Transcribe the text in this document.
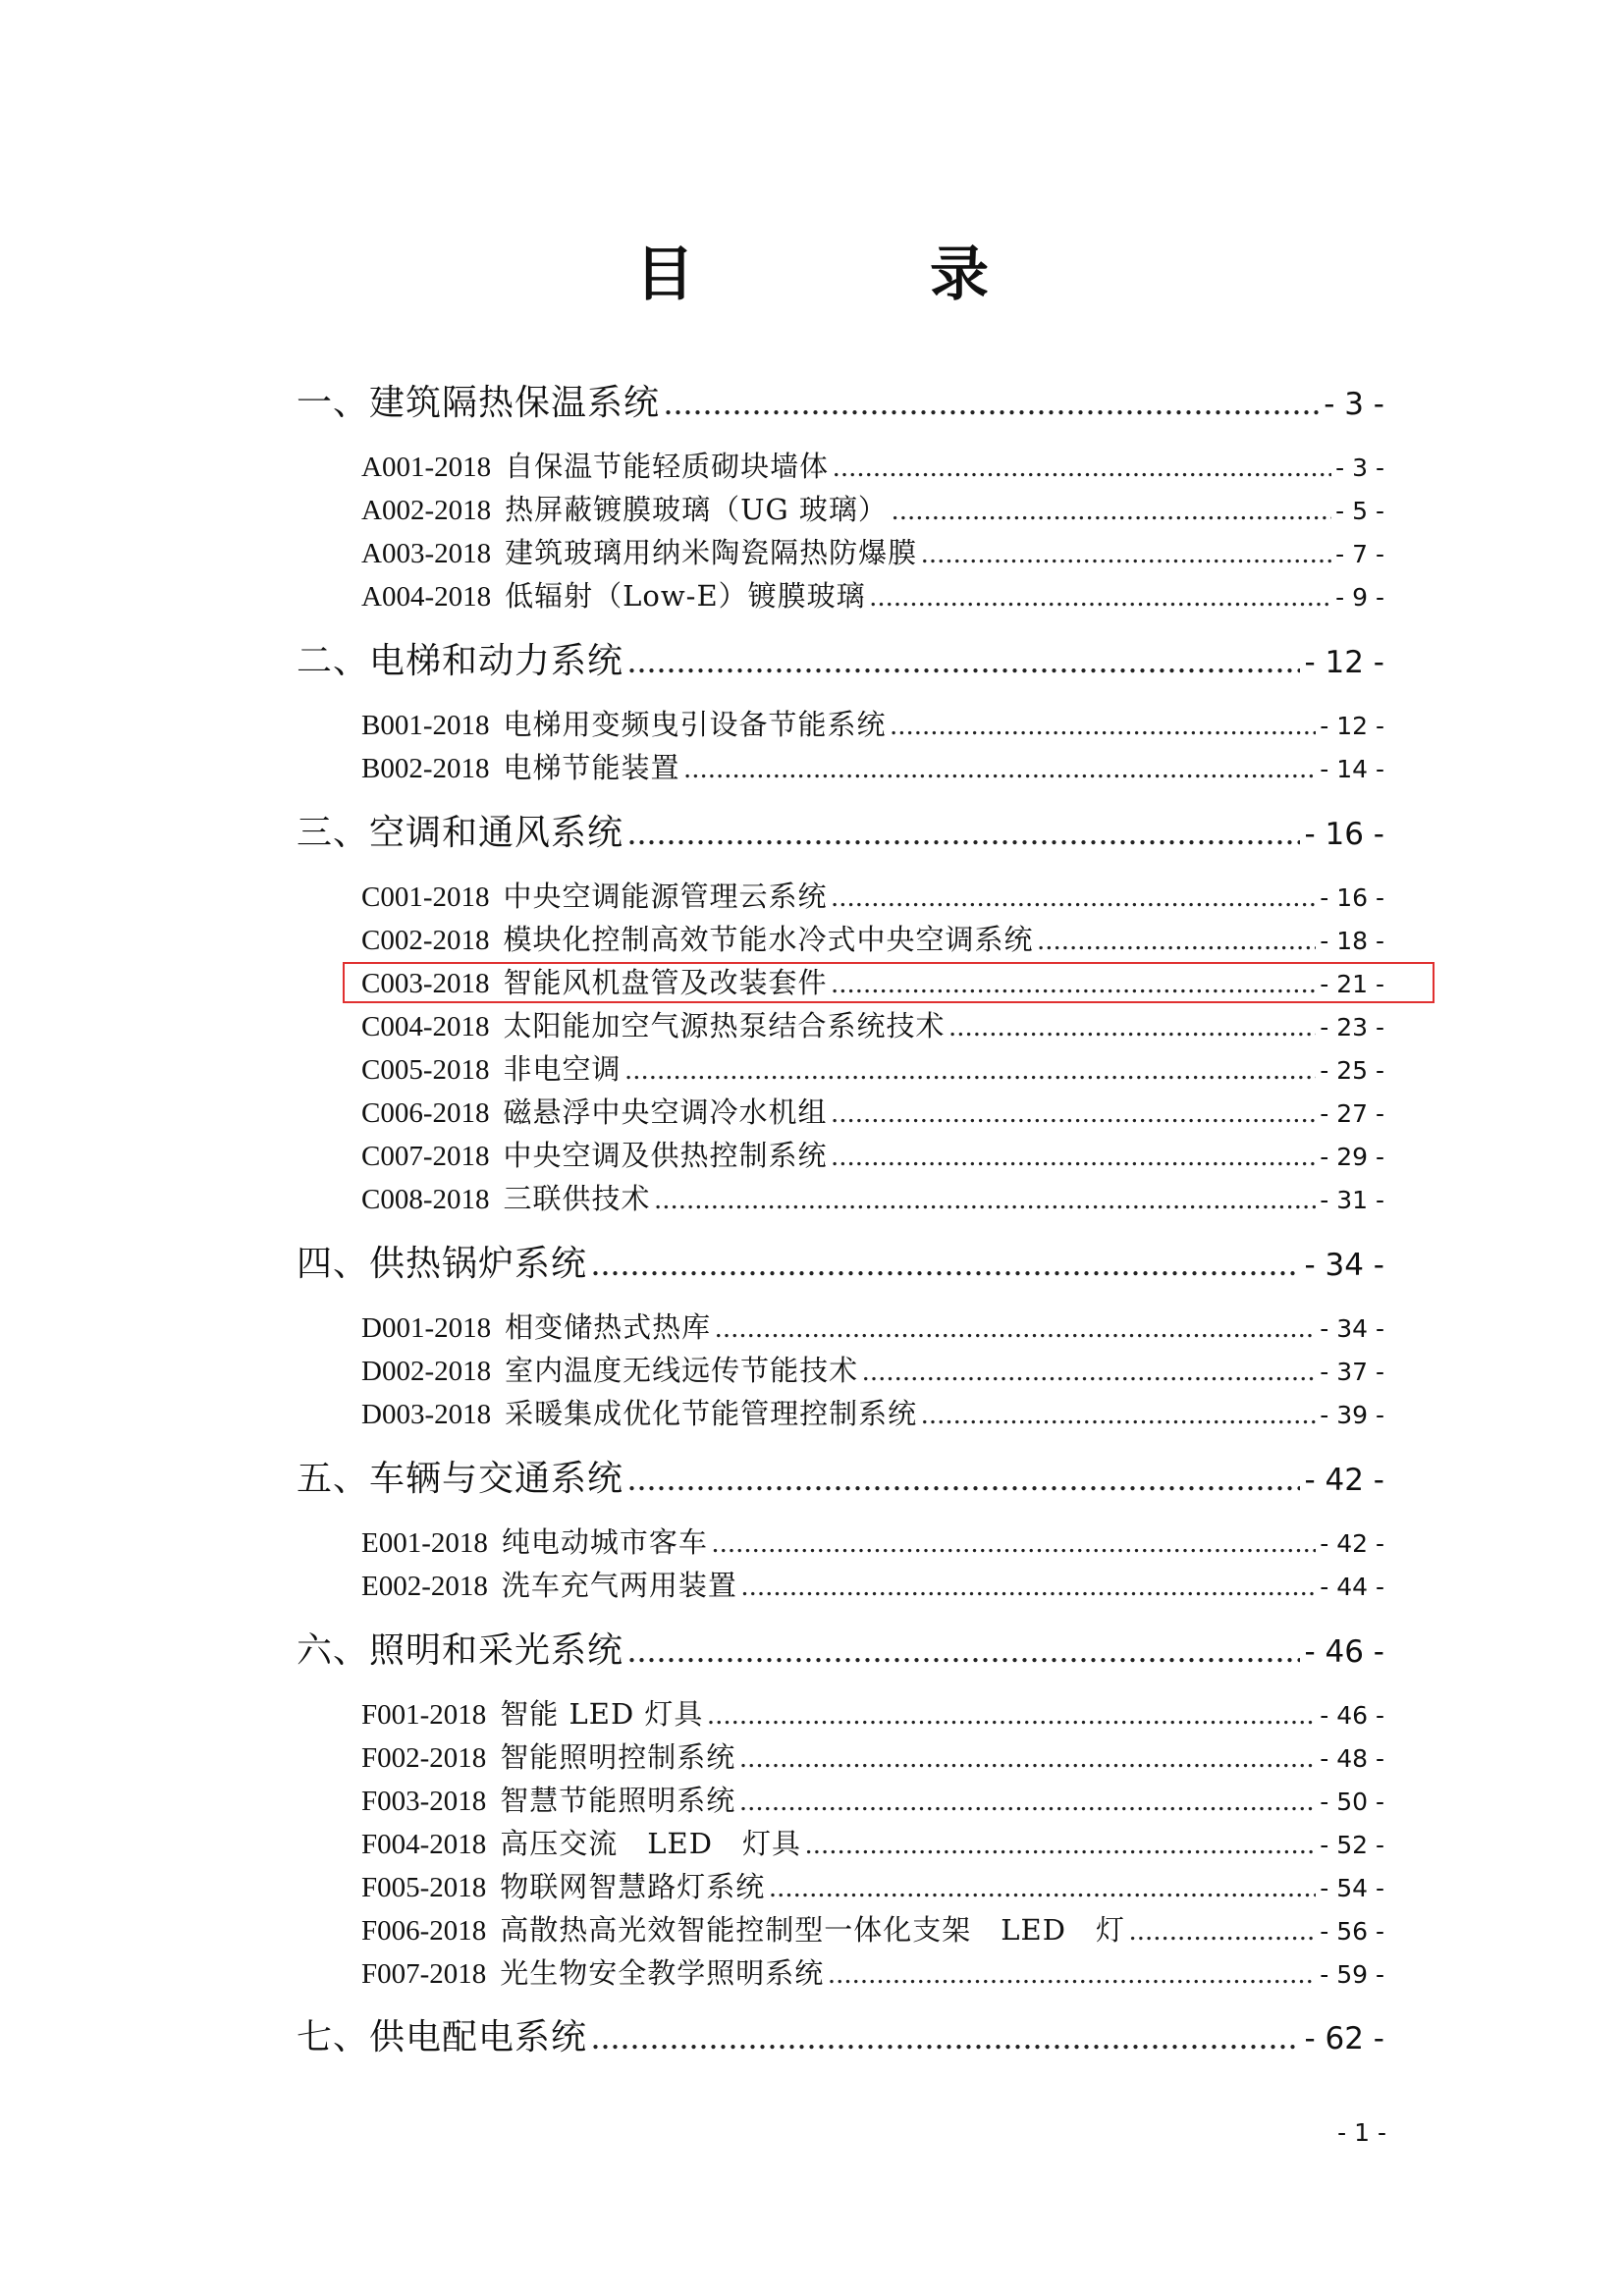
目　录
一、建筑隔热保温系统 .....	- 3 -
A001-2018 自保温节能轻质砌块墙体 .....	- 3 -
A002-2018 热屏蔽镀膜玻璃（UG 玻璃） .....	- 5 -
A003-2018 建筑玻璃用纳米陶瓷隔热防爆膜 .....	- 7 -
A004-2018 低辐射（Low-E）镀膜玻璃 .....	- 9 -
二、电梯和动力系统 .....	- 12 -
B001-2018 电梯用变频曳引设备节能系统 .....	- 12 -
B002-2018 电梯节能装置 .....	- 14 -
三、空调和通风系统 .....	- 16 -
C001-2018 中央空调能源管理云系统 .....	- 16 -
C002-2018 模块化控制高效节能水冷式中央空调系统 .....	- 18 -
C003-2018 智能风机盘管及改装套件 .....	- 21 -
C004-2018 太阳能加空气源热泵结合系统技术 .....	- 23 -
C005-2018 非电空调 .....	- 25 -
C006-2018 磁悬浮中央空调冷水机组 .....	- 27 -
C007-2018 中央空调及供热控制系统 .....	- 29 -
C008-2018 三联供技术 .....	- 31 -
四、供热锅炉系统 .....	- 34 -
D001-2018 相变储热式热库 .....	- 34 -
D002-2018 室内温度无线远传节能技术 .....	- 37 -
D003-2018 采暖集成优化节能管理控制系统 .....	- 39 -
五、车辆与交通系统 .....	- 42 -
E001-2018 纯电动城市客车 .....	- 42 -
E002-2018 洗车充气两用装置 .....	- 44 -
六、照明和采光系统 .....	- 46 -
F001-2018 智能 LED 灯具 .....	- 46 -
F002-2018 智能照明控制系统 .....	- 48 -
F003-2018 智慧节能照明系统 .....	- 50 -
F004-2018 高压交流　LED　灯具 .....	- 52 -
F005-2018 物联网智慧路灯系统 .....	- 54 -
F006-2018 高散热高光效智能控制型一体化支架　LED　灯 .....	- 56 -
F007-2018 光生物安全教学照明系统 .....	- 59 -
七、供电配电系统 .....	- 62 -
- 1 -
